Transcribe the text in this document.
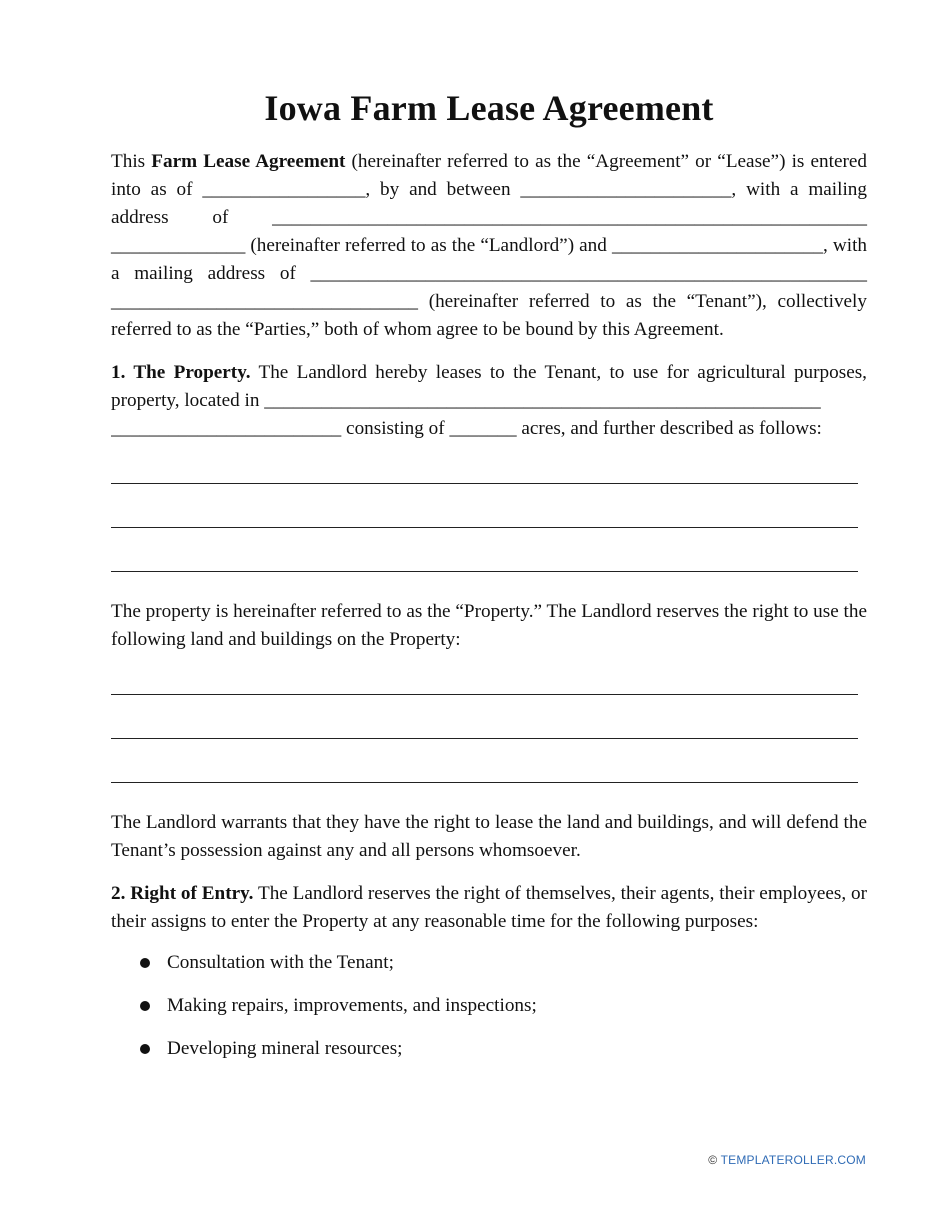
Iowa Farm Lease Agreement

This Farm Lease Agreement (hereinafter referred to as the “Agreement” or “Lease”) is entered into as of _________________, by and between ______________________, with a mailing address of ______________________________________________________________ ______________ (hereinafter referred to as the “Landlord”) and ______________________, with a mailing address of __________________________________________________________ ________________________________ (hereinafter referred to as the “Tenant”), collectively referred to as the “Parties,” both of whom agree to be bound by this Agreement.

1. The Property. The Landlord hereby leases to the Tenant, to use for agricultural purposes, property, located in __________________________________________________________

________________________ consisting of _______ acres, and further described as follows:

The property is hereinafter referred to as the “Property.” The Landlord reserves the right to use the following land and buildings on the Property:

The Landlord warrants that they have the right to lease the land and buildings, and will defend the Tenant’s possession against any and all persons whomsoever.

2. Right of Entry. The Landlord reserves the right of themselves, their agents, their employees, or their assigns to enter the Property at any reasonable time for the following purposes:

Consultation with the Tenant;
Making repairs, improvements, and inspections;
Developing mineral resources;
© TEMPLATEROLLER.COM
